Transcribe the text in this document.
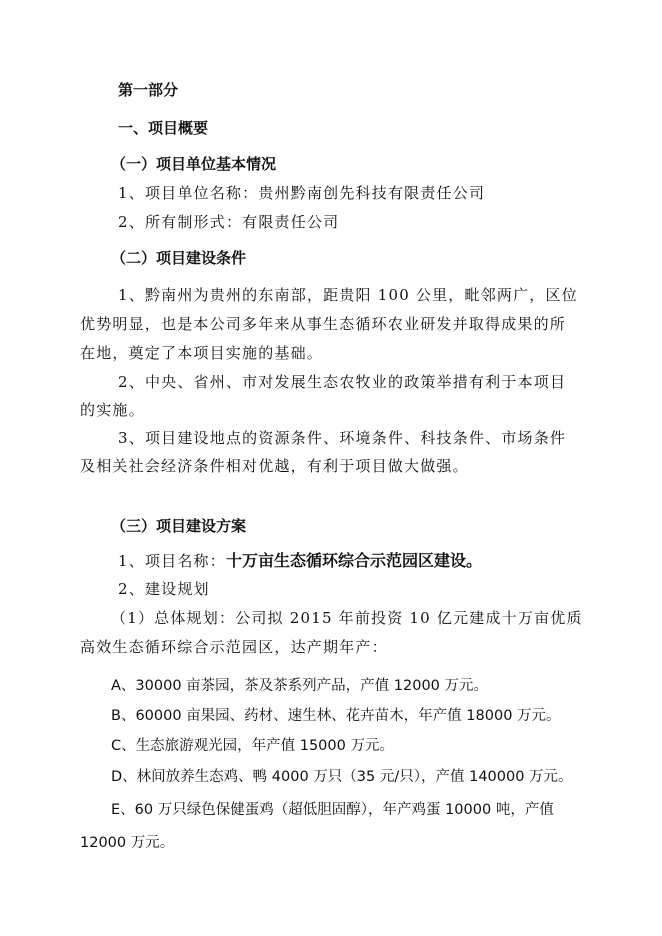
第一部分

一、项目概要

（一）项目单位基本情况

1、项目单位名称：贵州黔南创先科技有限责任公司

2、所有制形式：有限责任公司

（二）项目建设条件

1、黔南州为贵州的东南部，距贵阳 100 公里，毗邻两广，区位

优势明显，也是本公司多年来从事生态循环农业研发并取得成果的所

在地，奠定了本项目实施的基础。

2、中央、省州、市对发展生态农牧业的政策举措有利于本项目

的实施。

3、项目建设地点的资源条件、环境条件、科技条件、市场条件

及相关社会经济条件相对优越，有利于项目做大做强。

（三）项目建设方案

1、项目名称：十万亩生态循环综合示范园区建设。

2、建设规划

（1）总体规划：公司拟 2015 年前投资 10 亿元建成十万亩优质

高效生态循环综合示范园区，达产期年产：

A、30000 亩茶园，茶及茶系列产品，产值 12000 万元。

B、60000 亩果园、药材、速生林、花卉苗木，年产值 18000 万元。

C、生态旅游观光园，年产值 15000 万元。

D、林间放养生态鸡、鸭 4000 万只（35 元/只），产值 140000 万元。

E、60 万只绿色保健蛋鸡（超低胆固醇），年产鸡蛋 10000 吨，产值

12000 万元。
